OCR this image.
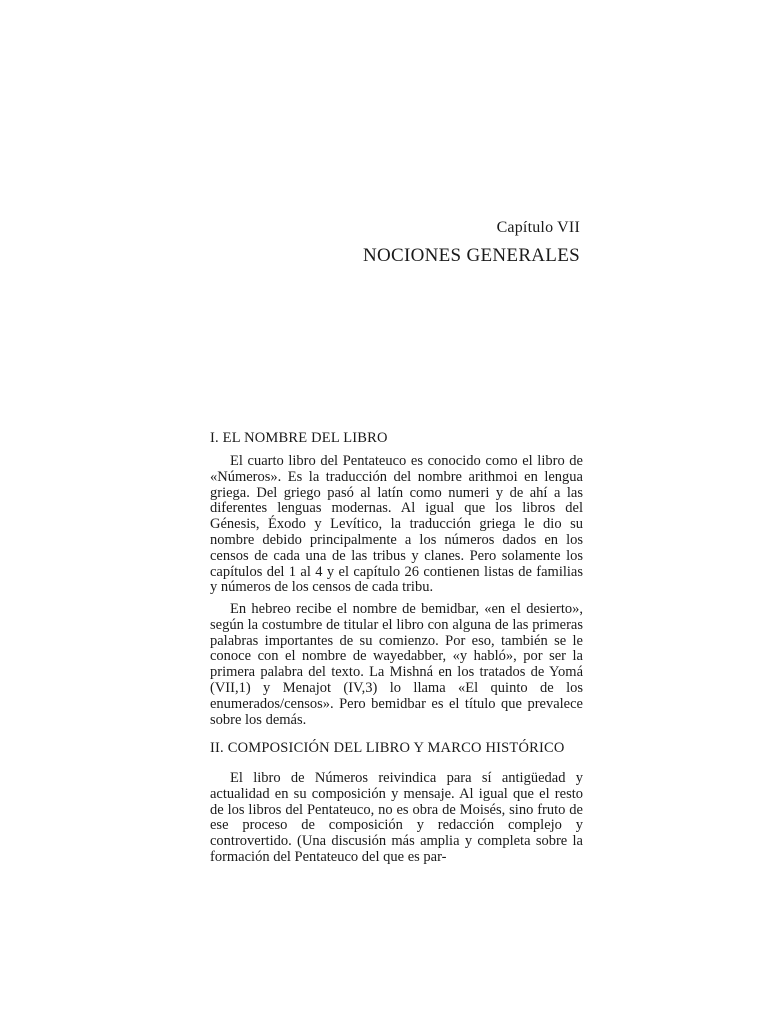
Capítulo VII
NOCIONES GENERALES
I. EL NOMBRE DEL LIBRO

El cuarto libro del Pentateuco es conocido como el libro de «Números». Es la traducción del nombre arithmoi en lengua griega. Del griego pasó al latín como numeri y de ahí a las diferentes lenguas modernas. Al igual que los libros del Génesis, Éxodo y Levítico, la traducción griega le dio su nombre debido principalmente a los números dados en los censos de cada una de las tribus y clanes. Pero solamente los capítulos del 1 al 4 y el capítulo 26 contienen listas de familias y números de los censos de cada tribu.

En hebreo recibe el nombre de bemidbar, «en el desierto», según la costumbre de titular el libro con alguna de las primeras palabras importantes de su comienzo. Por eso, también se le conoce con el nombre de wayedabber, «y habló», por ser la primera palabra del texto. La Mishná en los tratados de Yomá (VII,1) y Menajot (IV,3) lo llama «El quinto de los enumerados/censos». Pero bemidbar es el título que prevalece sobre los demás.

II. COMPOSICIÓN DEL LIBRO Y MARCO HISTÓRICO

El libro de Números reivindica para sí antigüedad y actualidad en su composición y mensaje. Al igual que el resto de los libros del Pentateuco, no es obra de Moisés, sino fruto de ese proceso de composición y redacción complejo y controvertido. (Una discusión más amplia y completa sobre la formación del Pentateuco del que es par-
